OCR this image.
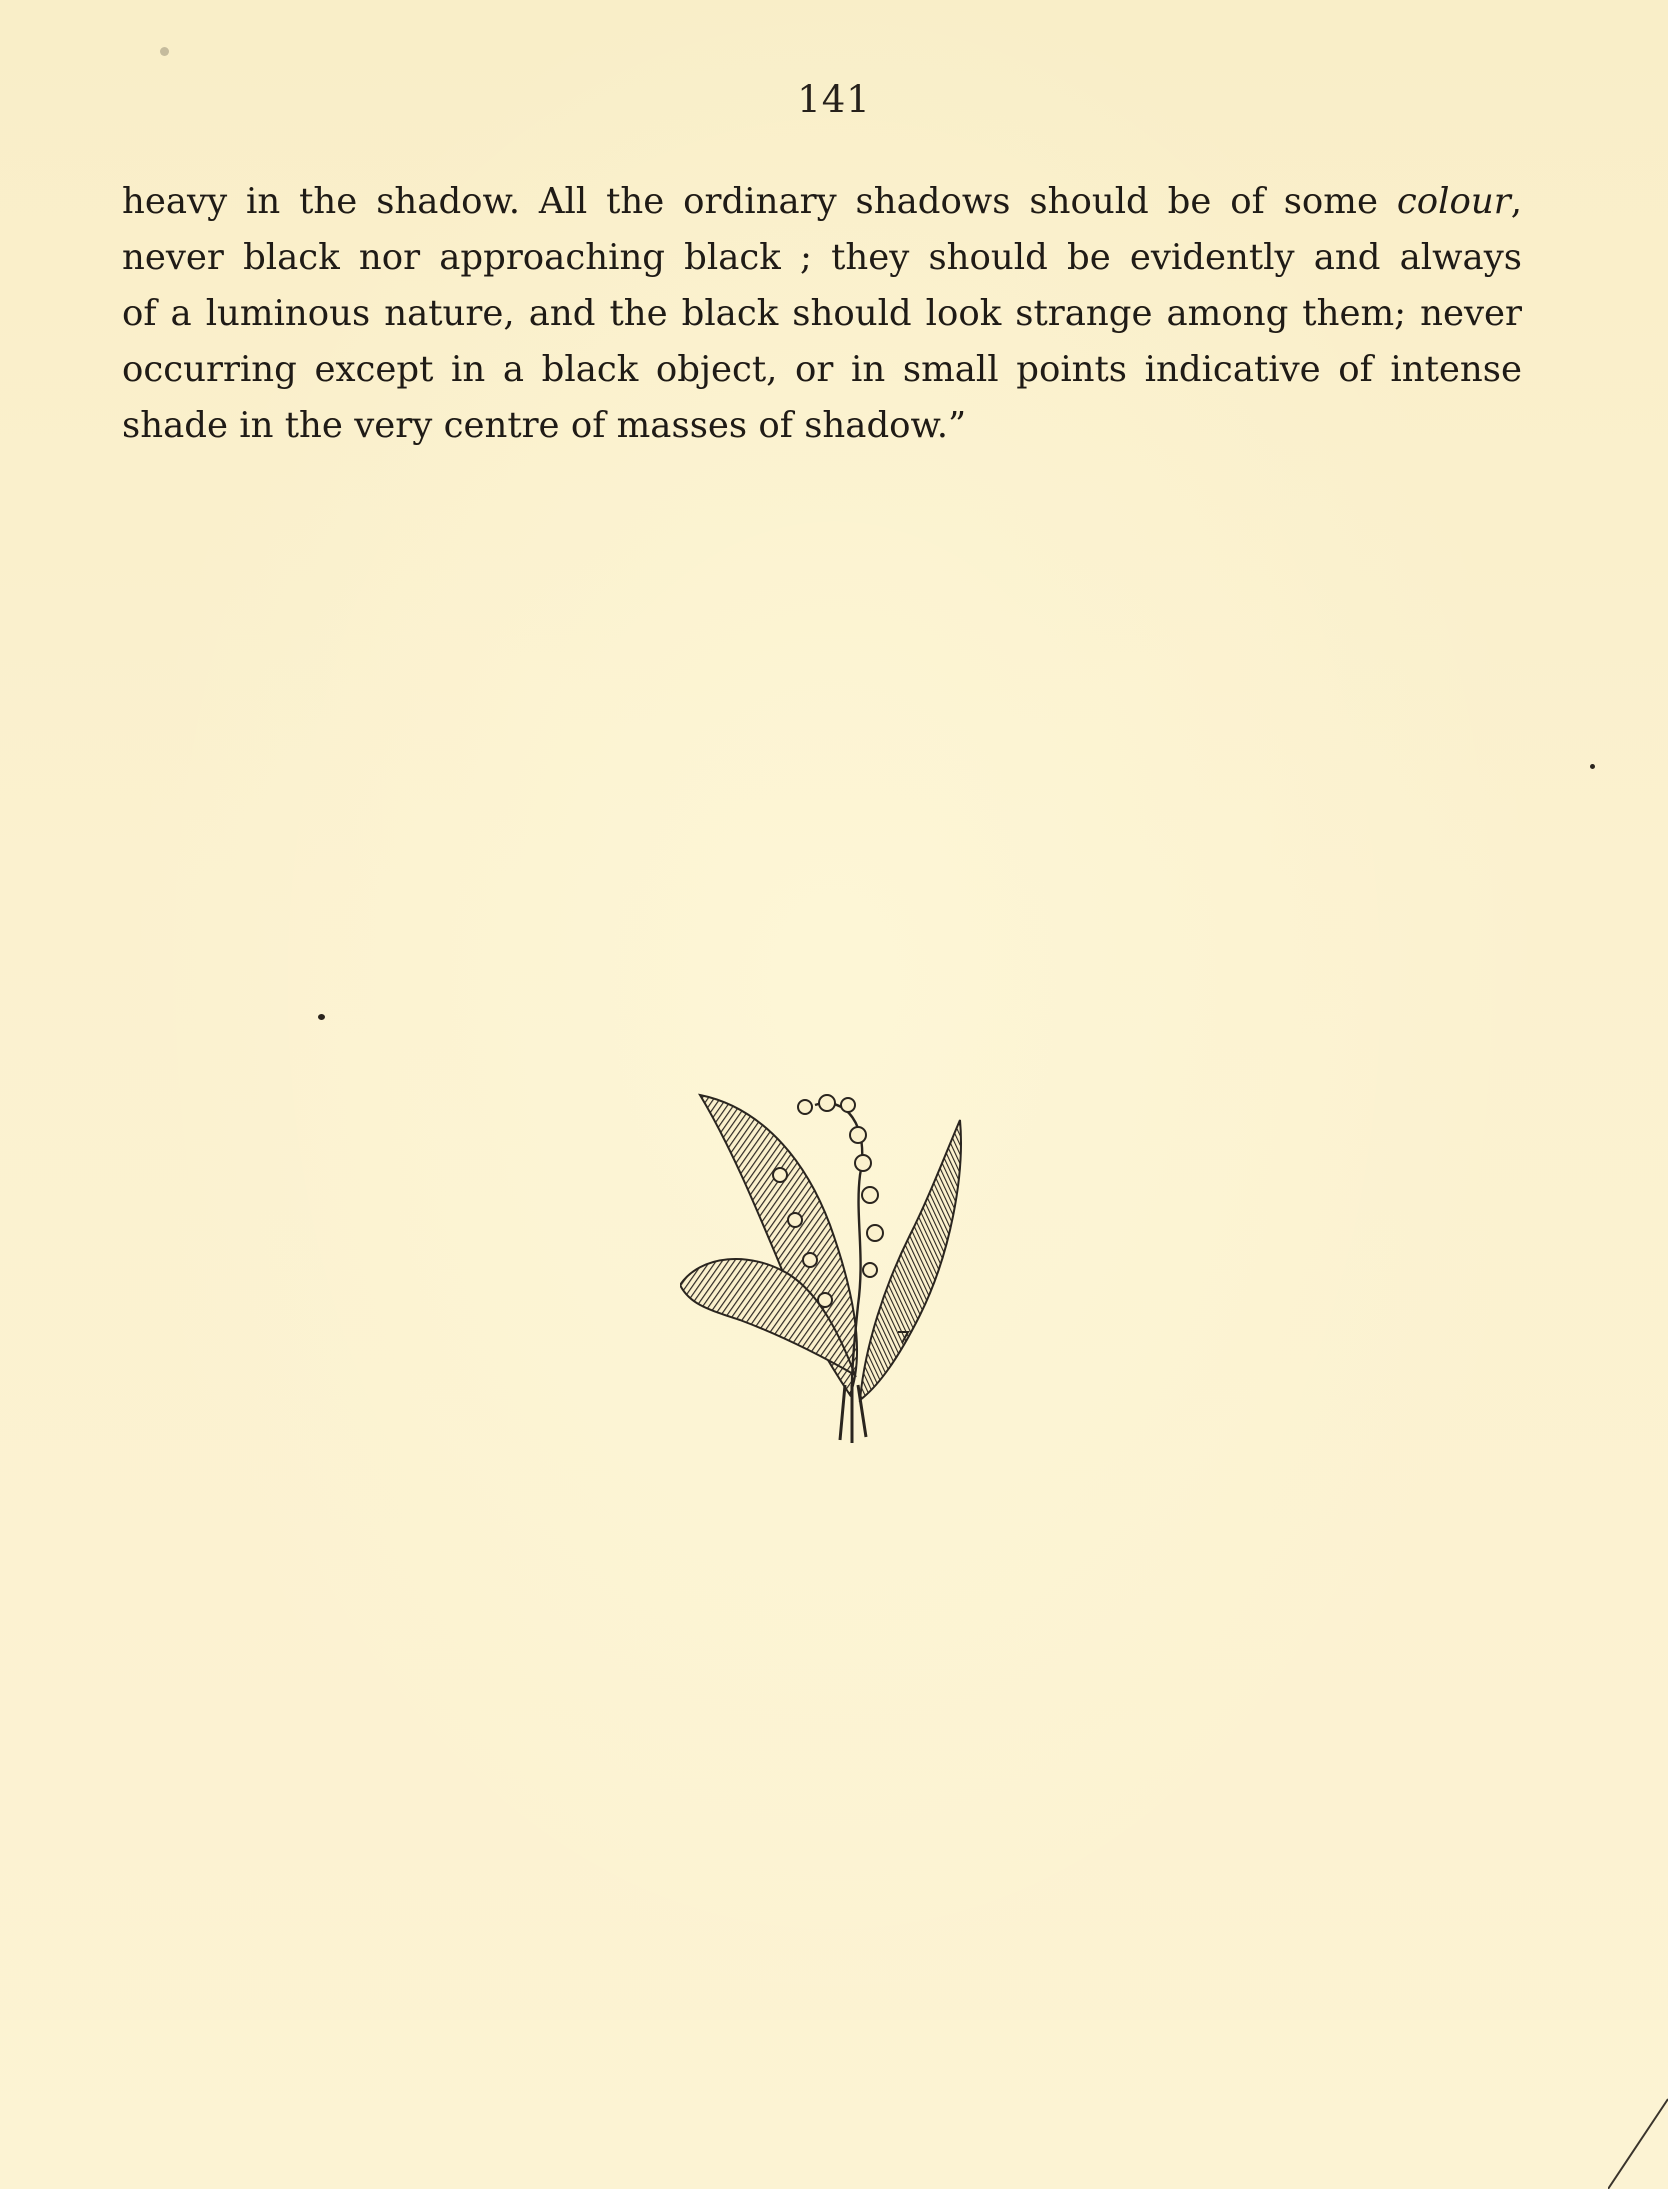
141
heavy in the shadow. All the ordinary shadows should be of some colour,
never black nor approaching black ; they should be evidently and always
of a luminous nature, and the black should look strange among them; never
occurring except in a black object, or in small points indicative of intense
shade in the very centre of masses of shadow.”
